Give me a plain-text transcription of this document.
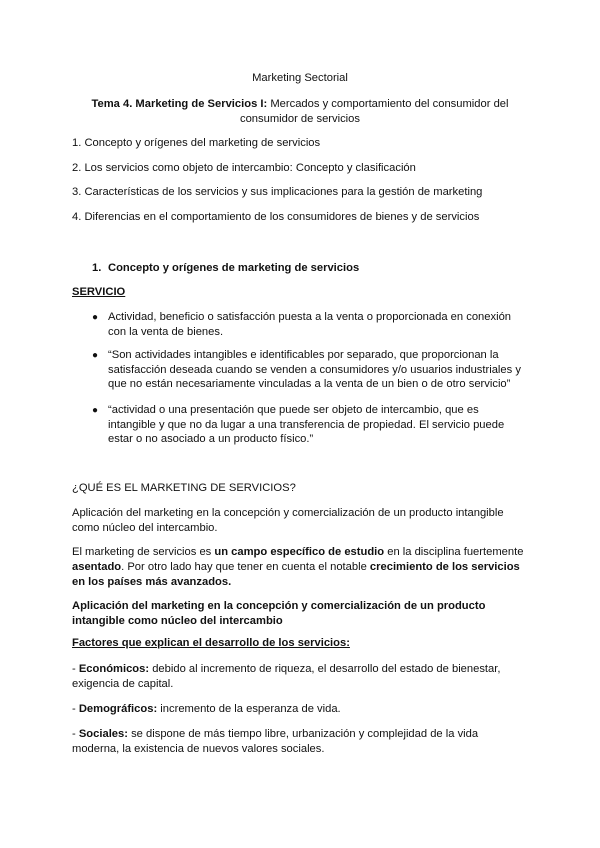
Marketing Sectorial

Tema 4. Marketing de Servicios I: Mercados y comportamiento del consumidor del consumidor de servicios

1. Concepto y orígenes del marketing de servicios

2. Los servicios como objeto de intercambio: Concepto y clasificación

3. Características de los servicios y sus implicaciones para la gestión de marketing

4. Diferencias en el comportamiento de los consumidores de bienes y de servicios

1. Concepto y orígenes de marketing de servicios

SERVICIO

● Actividad, beneficio o satisfacción puesta a la venta o proporcionada en conexión con la venta de bienes.

● “Son actividades intangibles e identificables por separado, que proporcionan la satisfacción deseada cuando se venden a consumidores y/o usuarios industriales y que no están necesariamente vinculadas a la venta de un bien o de otro servicio”

● “actividad o una presentación que puede ser objeto de intercambio, que es intangible y que no da lugar a una transferencia de propiedad. El servicio puede estar o no asociado a un producto físico.”

¿QUÉ ES EL MARKETING DE SERVICIOS?

Aplicación del marketing en la concepción y comercialización de un producto intangible como núcleo del intercambio.

El marketing de servicios es un campo específico de estudio en la disciplina fuertemente asentado. Por otro lado hay que tener en cuenta el notable crecimiento de los servicios en los países más avanzados.

Aplicación del marketing en la concepción y comercialización de un producto intangible como núcleo del intercambio

Factores que explican el desarrollo de los servicios:

- Económicos: debido al incremento de riqueza, el desarrollo del estado de bienestar, exigencia de capital.

- Demográficos: incremento de la esperanza de vida.

- Sociales: se dispone de más tiempo libre, urbanización y complejidad de la vida moderna, la existencia de nuevos valores sociales.
